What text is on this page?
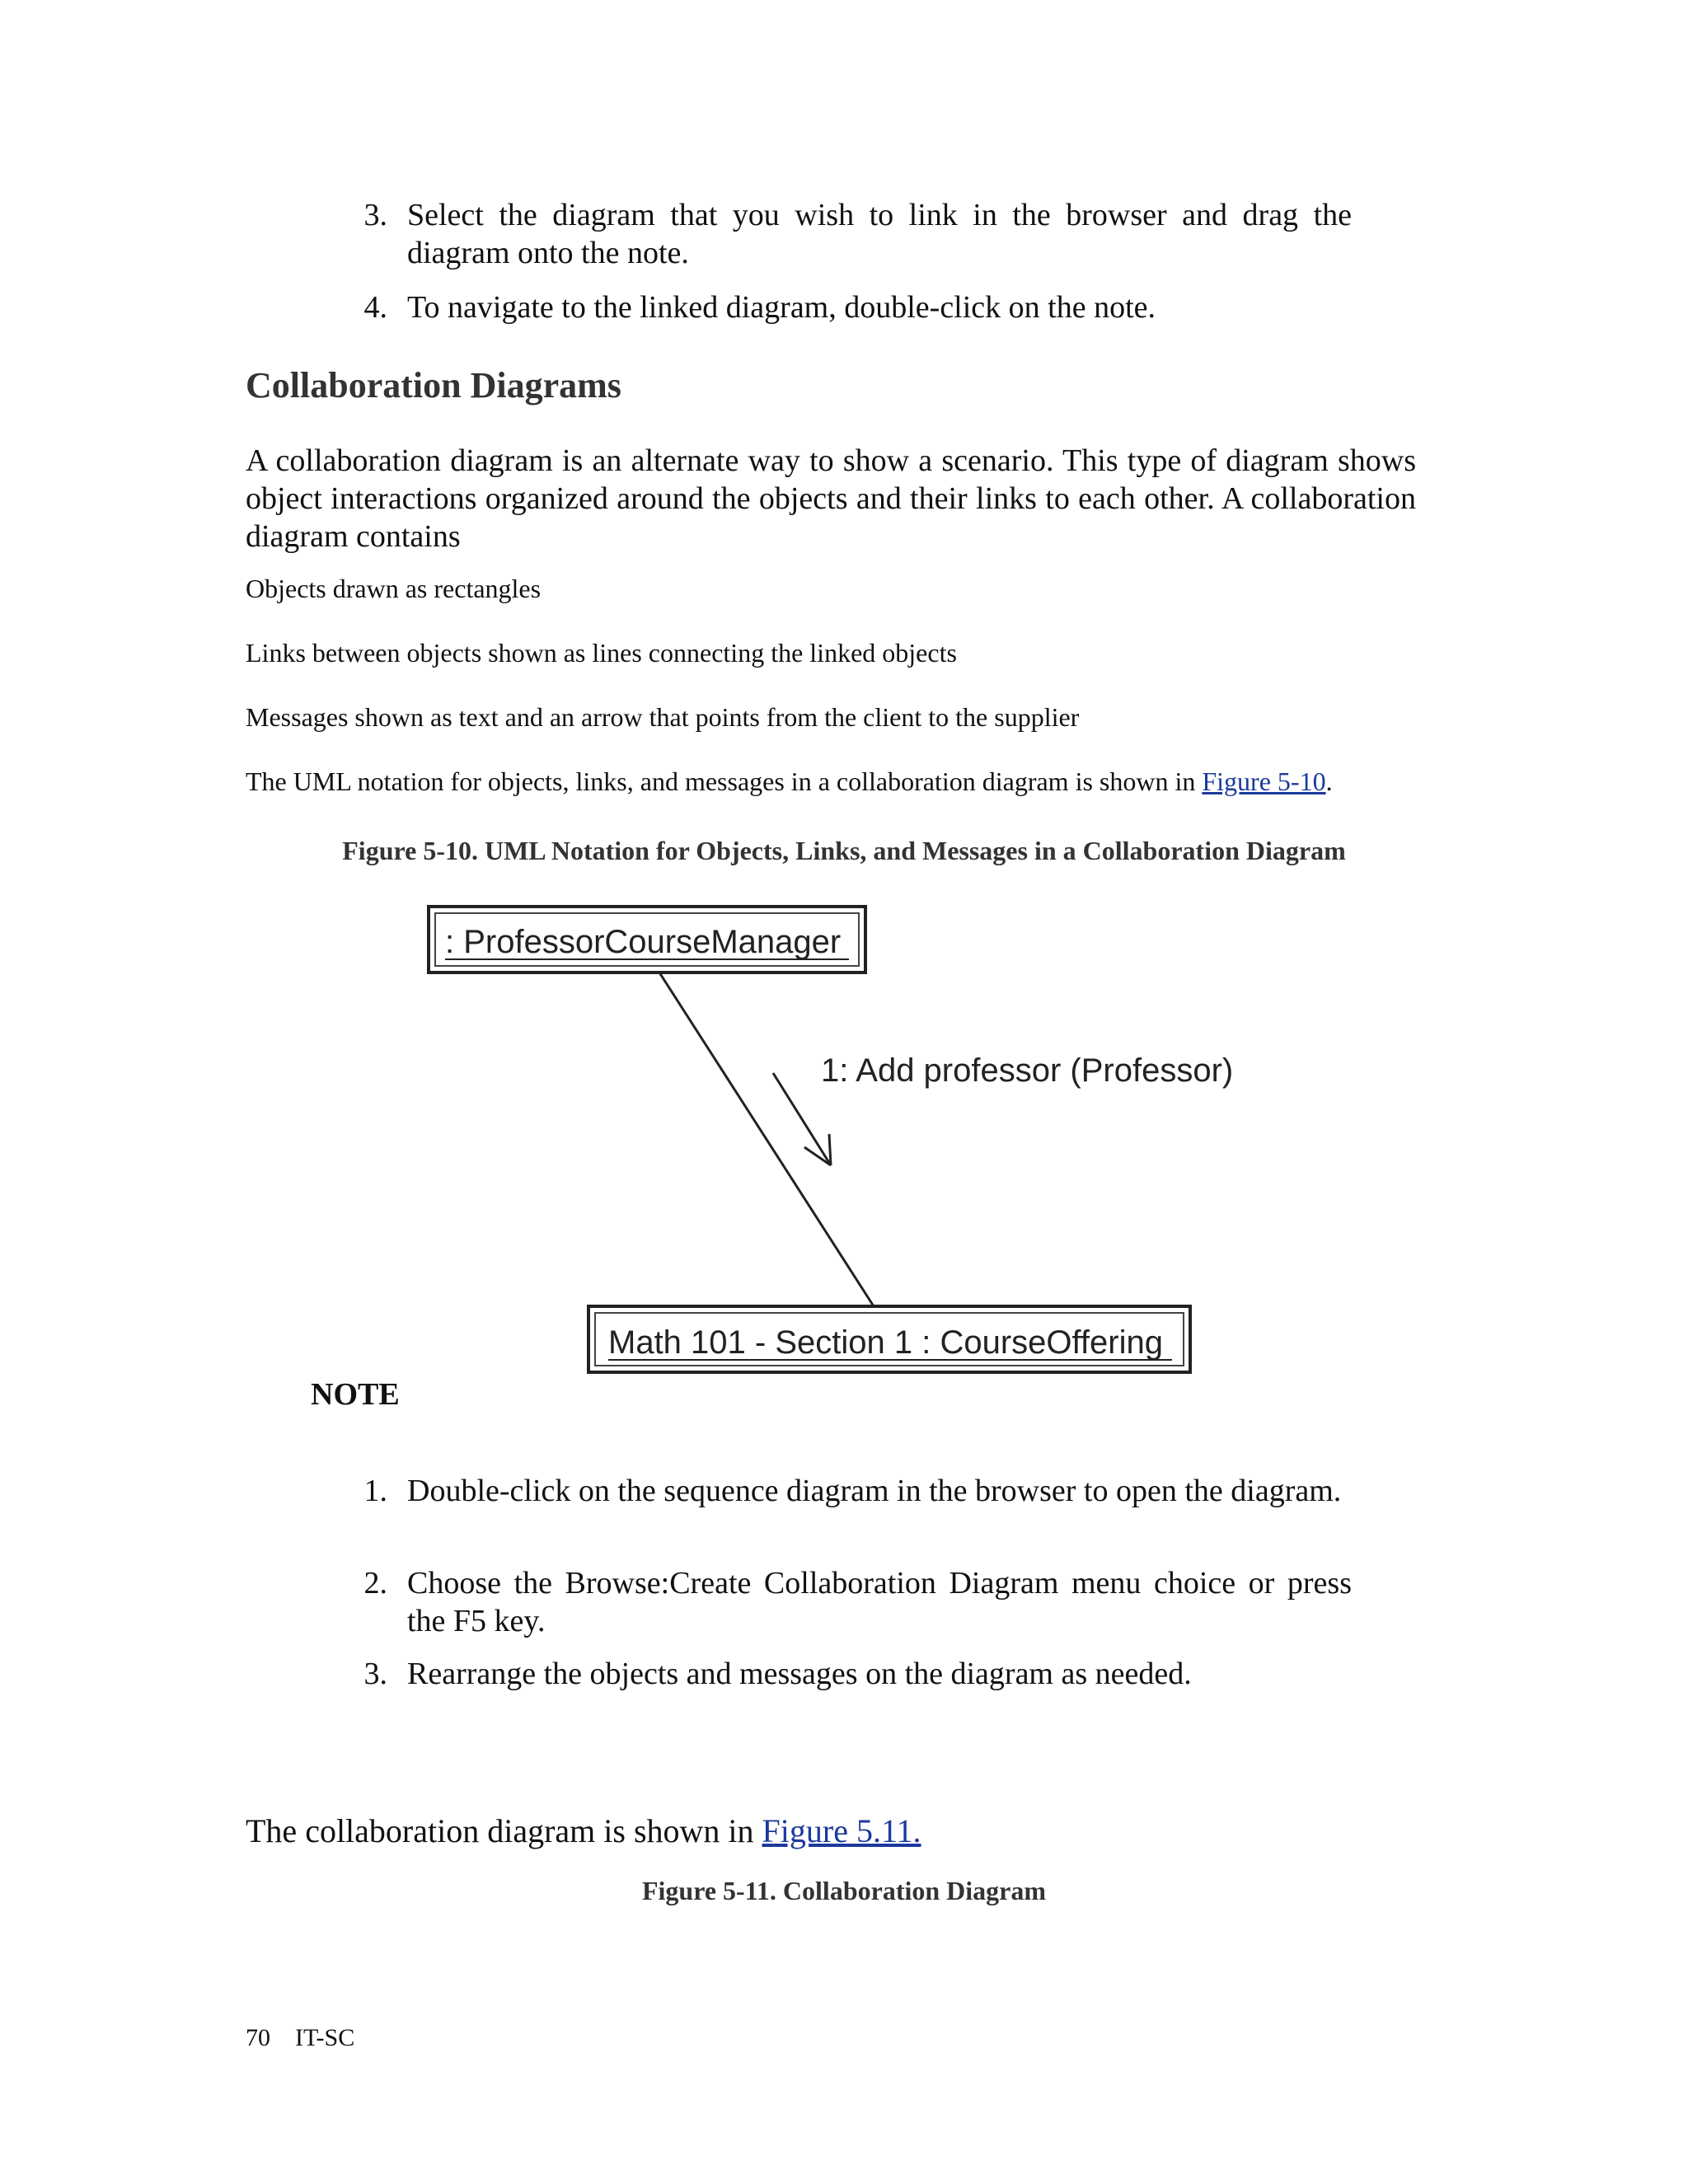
3. Select the diagram that you wish to link in the browser and drag the diagram onto the note.
4. To navigate to the linked diagram, double-click on the note.
Collaboration Diagrams
A collaboration diagram is an alternate way to show a scenario. This type of diagram shows object interactions organized around the objects and their links to each other. A collaboration diagram contains
Objects drawn as rectangles
Links between objects shown as lines connecting the linked objects
Messages shown as text and an arrow that points from the client to the supplier
The UML notation for objects, links, and messages in a collaboration diagram is shown in Figure 5-10.
Figure 5-10. UML Notation for Objects, Links, and Messages in a Collaboration Diagram
: ProfessorCourseManager
1: Add professor (Professor)
Math 101 - Section 1 : CourseOffering
NOTE
1. Double-click on the sequence diagram in the browser to open the diagram.
2. Choose the Browse:Create Collaboration Diagram menu choice or press the F5 key.
3. Rearrange the objects and messages on the diagram as needed.
The collaboration diagram is shown in Figure 5.11.
Figure 5-11. Collaboration Diagram
70 IT-SC
